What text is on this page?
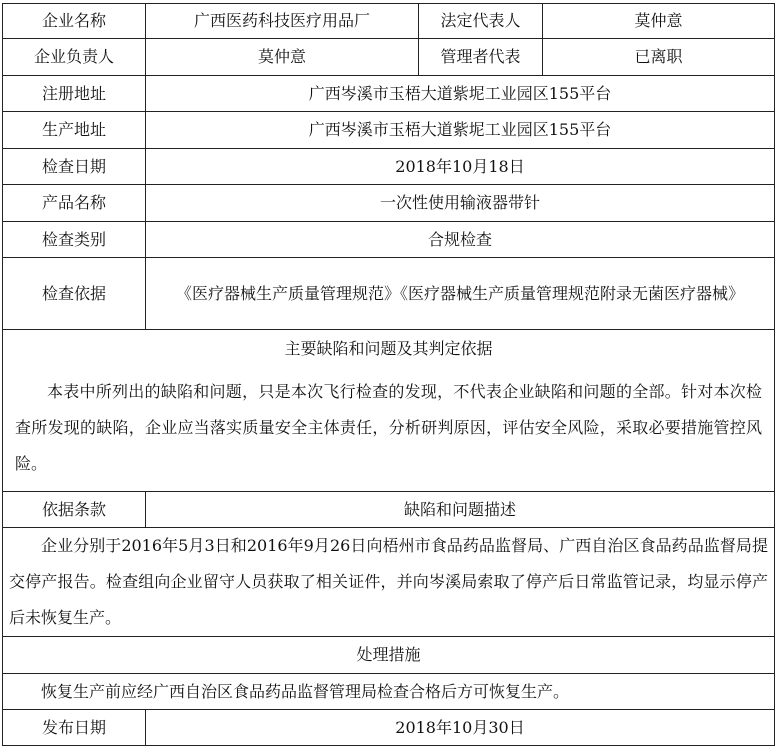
企业名称	广西医药科技医疗用品厂	法定代表人	莫仲意
企业负责人	莫仲意	管理者代表	已离职
注册地址	广西岑溪市玉梧大道紫坭工业园区155平台		
生产地址	广西岑溪市玉梧大道紫坭工业园区155平台		
检查日期	2018年10月18日		
产品名称	一次性使用输液器带针		
检查类别	合规检查		
检查依据	《医疗器械生产质量管理规范》《医疗器械生产质量管理规范附录无菌医疗器械》		

主要缺陷和问题及其判定依据
本表中所列出的缺陷和问题，只是本次飞行检查的发现，不代表企业缺陷和问题的全部。针对本次检查所发现的缺陷，企业应当落实质量安全主体责任，分析研判原因，评估安全风险，采取必要措施管控风险。			

依据条款	缺陷和问题描述		
企业分别于2016年5月3日和2016年9月26日向梧州市食品药品监督局、广西自治区食品药品监督局提交停产报告。检查组向企业留守人员获取了相关证件，并向岑溪局索取了停产后日常监管记录，均显示停产后未恢复生产。			
处理措施			
恢复生产前应经广西自治区食品药品监督管理局检查合格后方可恢复生产。			
发布日期	2018年10月30日		
